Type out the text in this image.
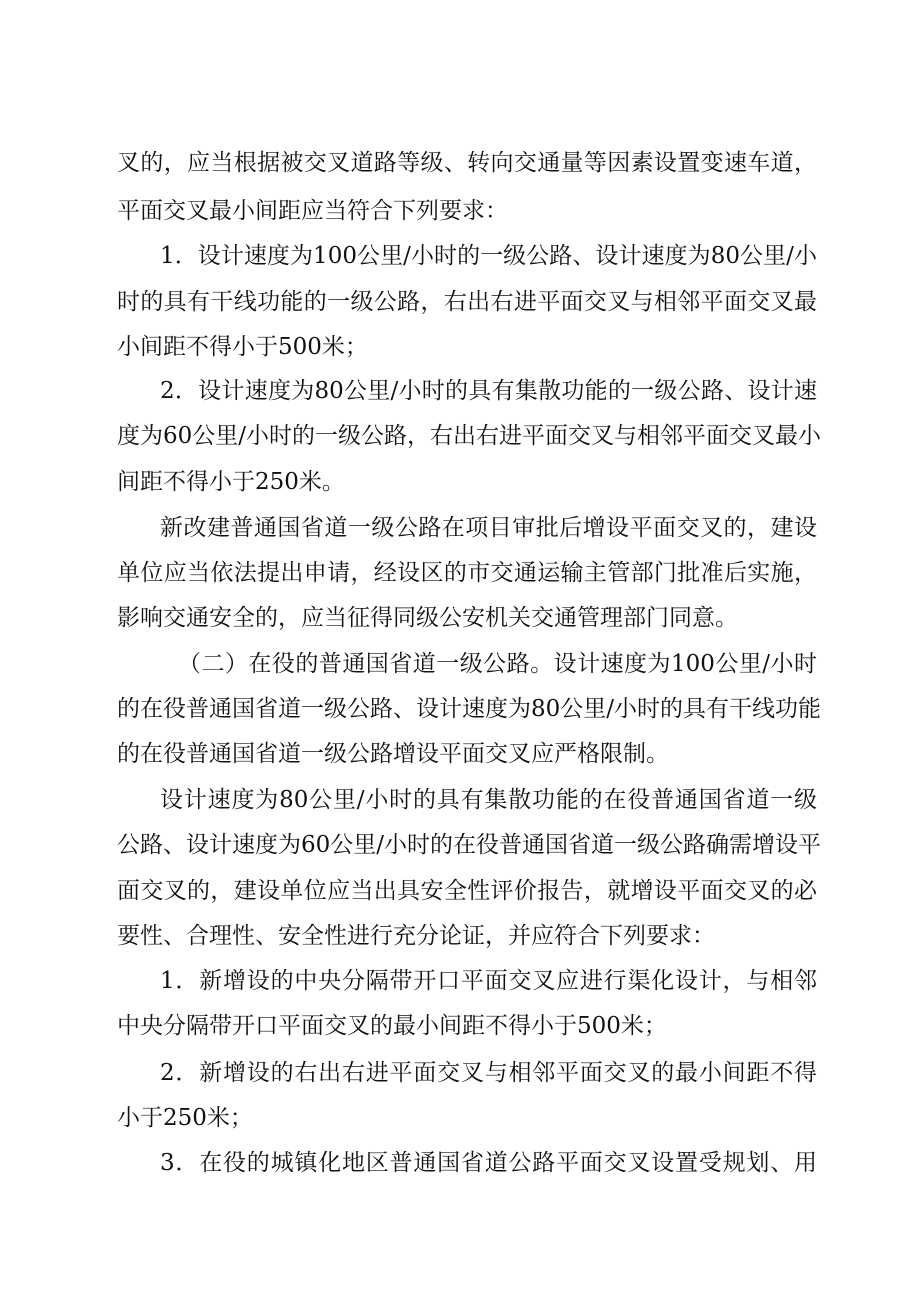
叉的，应当根据被交叉道路等级、转向交通量等因素设置变速车道，
平面交叉最小间距应当符合下列要求：
1．设计速度为100公里/小时的一级公路、设计速度为80公里/小
时的具有干线功能的一级公路，右出右进平面交叉与相邻平面交叉最
小间距不得小于500米；
2．设计速度为80公里/小时的具有集散功能的一级公路、设计速
度为60公里/小时的一级公路，右出右进平面交叉与相邻平面交叉最小
间距不得小于250米。
新改建普通国省道一级公路在项目审批后增设平面交叉的，建设
单位应当依法提出申请，经设区的市交通运输主管部门批准后实施，
影响交通安全的，应当征得同级公安机关交通管理部门同意。
（二）在役的普通国省道一级公路。设计速度为100公里/小时
的在役普通国省道一级公路、设计速度为80公里/小时的具有干线功能
的在役普通国省道一级公路增设平面交叉应严格限制。
设计速度为80公里/小时的具有集散功能的在役普通国省道一级
公路、设计速度为60公里/小时的在役普通国省道一级公路确需增设平
面交叉的，建设单位应当出具安全性评价报告，就增设平面交叉的必
要性、合理性、安全性进行充分论证，并应符合下列要求：
1．新增设的中央分隔带开口平面交叉应进行渠化设计，与相邻
中央分隔带开口平面交叉的最小间距不得小于500米；
2．新增设的右出右进平面交叉与相邻平面交叉的最小间距不得
小于250米；
3．在役的城镇化地区普通国省道公路平面交叉设置受规划、用
